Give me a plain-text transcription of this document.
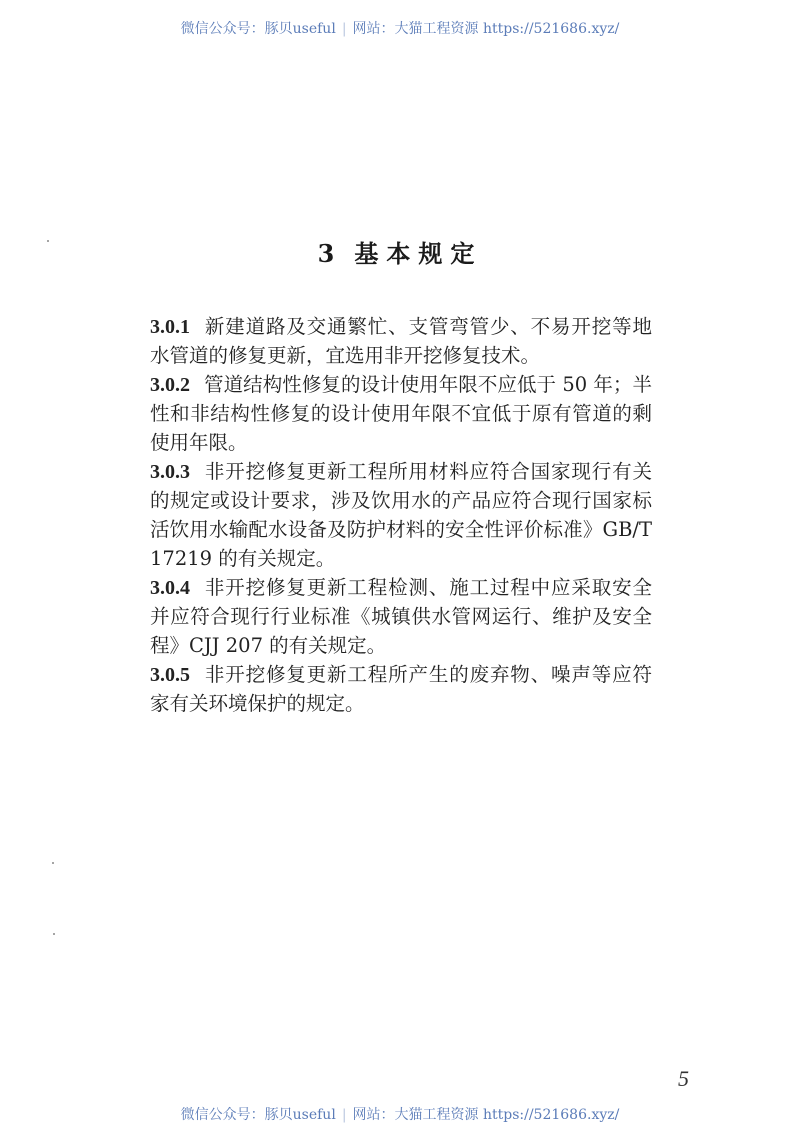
微信公众号：豚贝useful | 网站：大猫工程资源 https://521686.xyz/
3 基本规定
3.0.1 新建道路及交通繁忙、支管弯管少、不易开挖等地
水管道的修复更新，宜选用非开挖修复技术。
3.0.2 管道结构性修复的设计使用年限不应低于 50 年；半
性和非结构性修复的设计使用年限不宜低于原有管道的剩
使用年限。
3.0.3 非开挖修复更新工程所用材料应符合国家现行有关
的规定或设计要求，涉及饮用水的产品应符合现行国家标
活饮用水输配水设备及防护材料的安全性评价标准》GB/T
17219 的有关规定。
3.0.4 非开挖修复更新工程检测、施工过程中应采取安全
并应符合现行行业标准《城镇供水管网运行、维护及安全
程》CJJ 207 的有关规定。
3.0.5 非开挖修复更新工程所产生的废弃物、噪声等应符
家有关环境保护的规定。
5
微信公众号：豚贝useful | 网站：大猫工程资源 https://521686.xyz/
